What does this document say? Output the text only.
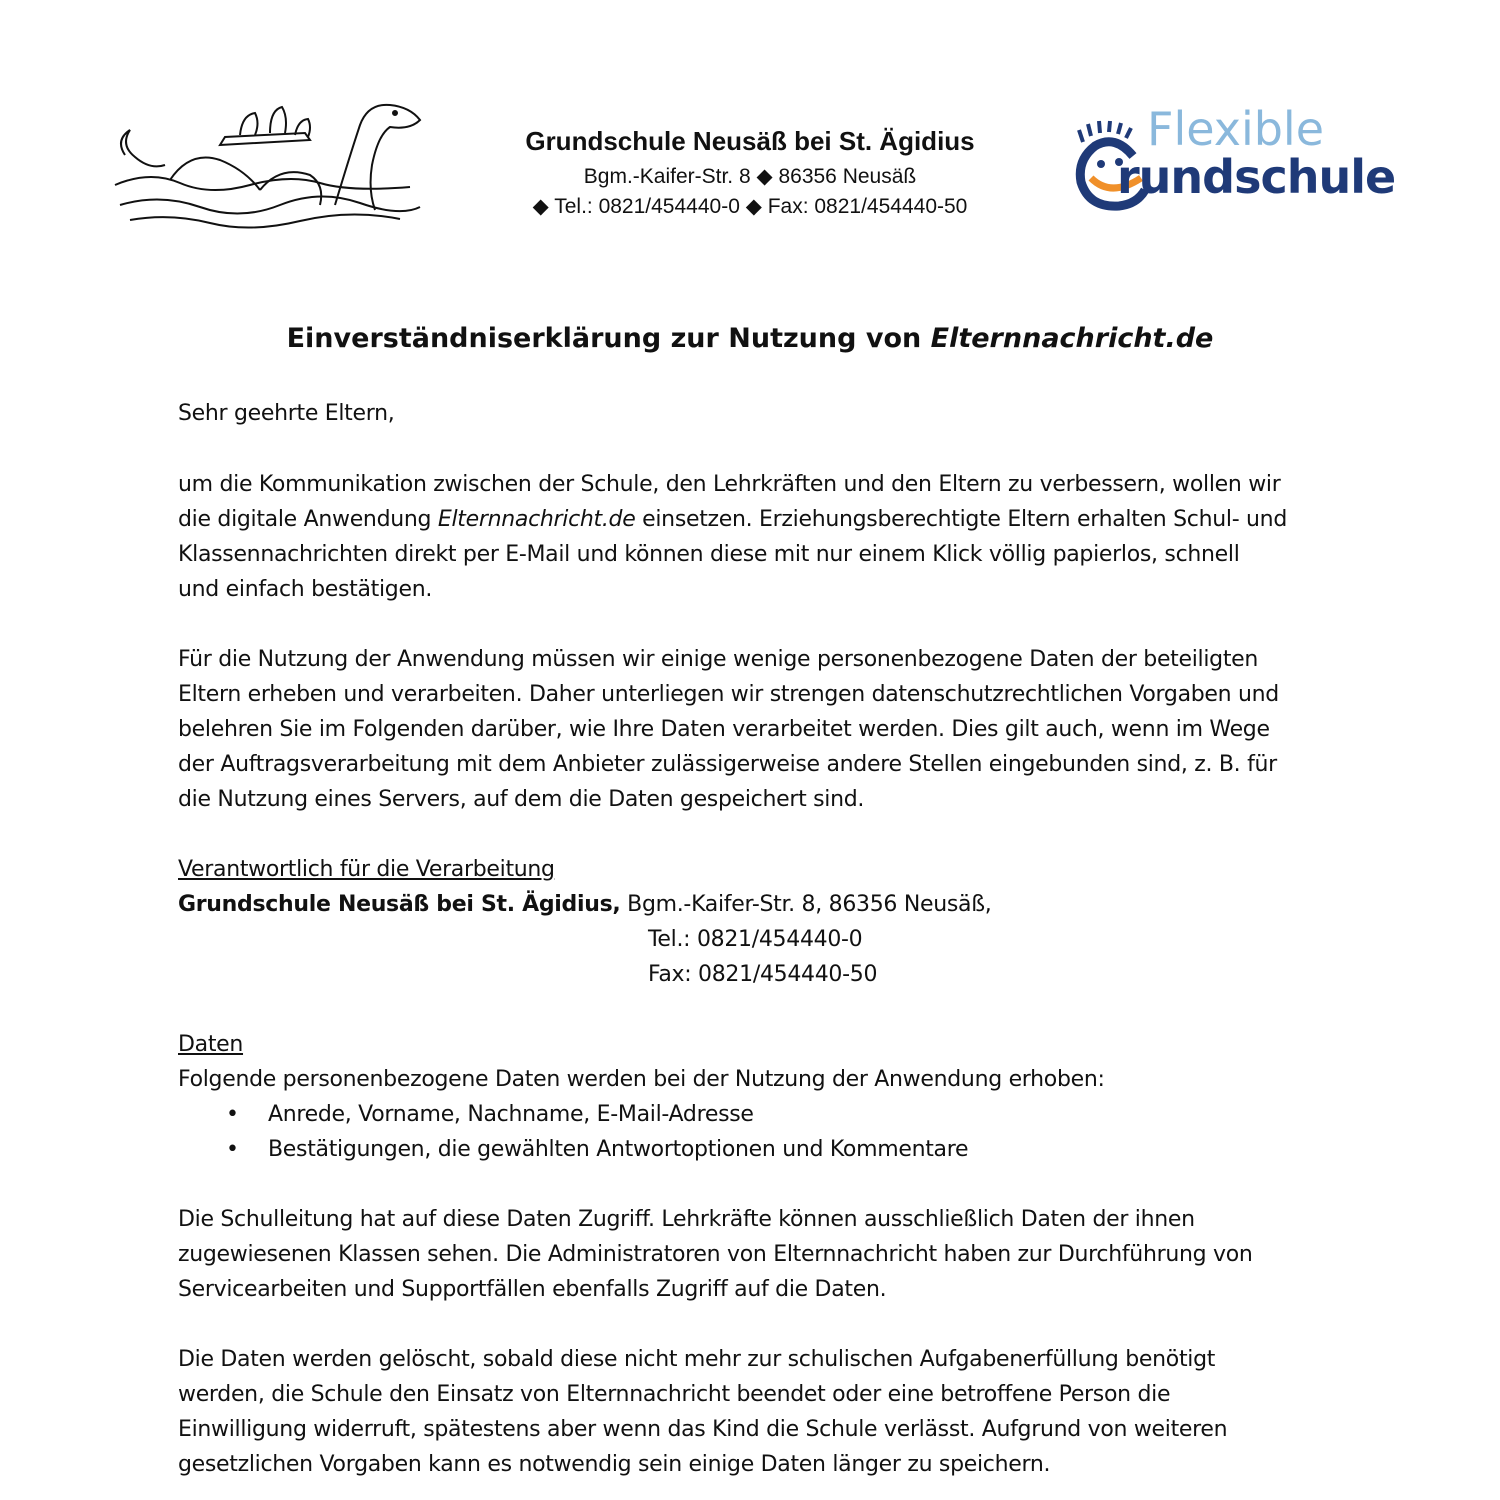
Grundschule Neusäß bei St. Ägidius
Bgm.-Kaifer-Str. 8 ◆ 86356 Neusäß
◆ Tel.: 0821/454440-0 ◆ Fax: 0821/454440-50
Flexible
rundschule
Einverständniserklärung zur Nutzung von Elternnachricht.de
Sehr geehrte Eltern,
um die Kommunikation zwischen der Schule, den Lehrkräften und den Eltern zu verbessern, wollen wir
die digitale Anwendung Elternnachricht.de einsetzen. Erziehungsberechtigte Eltern erhalten Schul- und
Klassennachrichten direkt per E-Mail und können diese mit nur einem Klick völlig papierlos, schnell
und einfach bestätigen.
Für die Nutzung der Anwendung müssen wir einige wenige personenbezogene Daten der beteiligten
Eltern erheben und verarbeiten. Daher unterliegen wir strengen datenschutzrechtlichen Vorgaben und
belehren Sie im Folgenden darüber, wie Ihre Daten verarbeitet werden. Dies gilt auch, wenn im Wege
der Auftragsverarbeitung mit dem Anbieter zulässigerweise andere Stellen eingebunden sind, z. B. für
die Nutzung eines Servers, auf dem die Daten gespeichert sind.
Verantwortlich für die Verarbeitung
Grundschule Neusäß bei St. Ägidius, Bgm.-Kaifer-Str. 8, 86356 Neusäß,
Tel.: 0821/454440-0
Fax: 0821/454440-50
Daten
Folgende personenbezogene Daten werden bei der Nutzung der Anwendung erhoben:
• Anrede, Vorname, Nachname, E-Mail-Adresse
• Bestätigungen, die gewählten Antwortoptionen und Kommentare
Die Schulleitung hat auf diese Daten Zugriff. Lehrkräfte können ausschließlich Daten der ihnen
zugewiesenen Klassen sehen. Die Administratoren von Elternnachricht haben zur Durchführung von
Servicearbeiten und Supportfällen ebenfalls Zugriff auf die Daten.
Die Daten werden gelöscht, sobald diese nicht mehr zur schulischen Aufgabenerfüllung benötigt
werden, die Schule den Einsatz von Elternnachricht beendet oder eine betroffene Person die
Einwilligung widerruft, spätestens aber wenn das Kind die Schule verlässt. Aufgrund von weiteren
gesetzlichen Vorgaben kann es notwendig sein einige Daten länger zu speichern.
